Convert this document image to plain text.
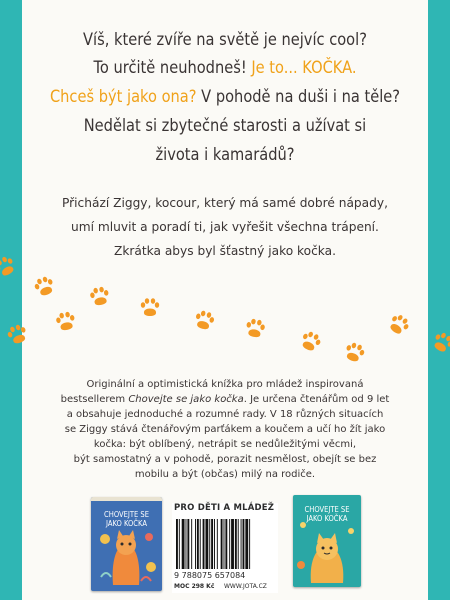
Víš, které zvíře na světě je nejvíc cool?
To určitě neuhodneš! Je to... KOČKA.
Chceš být jako ona? V pohodě na duši i na těle?
Nedělat si zbytečné starosti a užívat si
života i kamarádů?
Přichází Ziggy, kocour, který má samé dobré nápady,
umí mluvit a poradí ti, jak vyřešit všechna trápení.
Zkrátka abys byl šťastný jako kočka.
Originální a optimistická knížka pro mládež inspirovaná
bestsellerem Chovejte se jako kočka. Je určena čtenářům od 9 let
a obsahuje jednoduché a rozumné rady. V 18 různých situacích
se Ziggy stává čtenářovým parťákem a koučem a učí ho žít jako
kočka: být oblíbený, netrápit se nedůležitými věcmi,
být samostatný a v pohodě, porazit nesmělost, obejít se bez
mobilu a být (občas) milý na rodiče.
CHOVEJTE SE
JAKO KOČKA
PRO DĚTI A MLÁDEŽ
9 788075 657084
MOC 298 Kč WWW.JOTA.CZ
CHOVEJTE SE
JAKO KOČKA
